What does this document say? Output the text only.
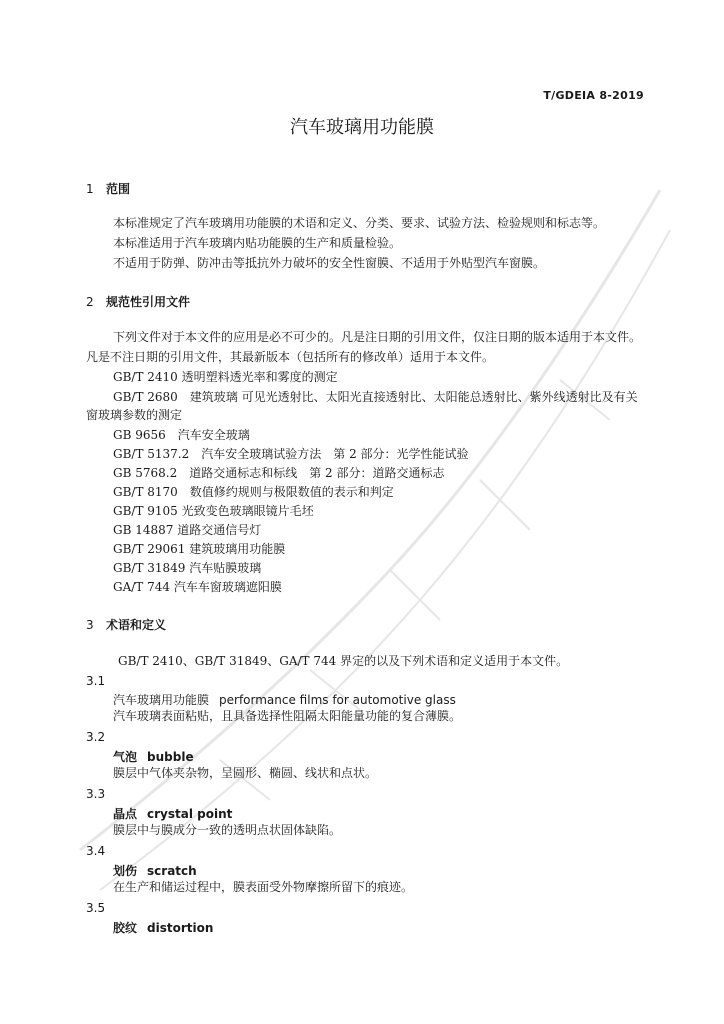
T/GDEIA 8-2019
汽车玻璃用功能膜
1 范围
本标准规定了汽车玻璃用功能膜的术语和定义、分类、要求、试验方法、检验规则和标志等。
本标准适用于汽车玻璃内贴功能膜的生产和质量检验。
不适用于防弹、防冲击等抵抗外力破坏的安全性窗膜、不适用于外贴型汽车窗膜。
2 规范性引用文件
下列文件对于本文件的应用是必不可少的。凡是注日期的引用文件，仅注日期的版本适用于本文件。
凡是不注日期的引用文件，其最新版本（包括所有的修改单）适用于本文件。
GB/T 2410 透明塑料透光率和雾度的测定
GB/T 2680　建筑玻璃 可见光透射比、太阳光直接透射比、太阳能总透射比、紫外线透射比及有关
窗玻璃参数的测定
GB 9656　汽车安全玻璃
GB/T 5137.2　汽车安全玻璃试验方法　第 2 部分：光学性能试验
GB 5768.2　道路交通标志和标线　第 2 部分：道路交通标志
GB/T 8170　数值修约规则与极限数值的表示和判定
GB/T 9105 光致变色玻璃眼镜片毛坯
GB 14887 道路交通信号灯
GB/T 29061 建筑玻璃用功能膜
GB/T 31849 汽车贴膜玻璃
GA/T 744 汽车车窗玻璃遮阳膜
3 术语和定义
GB/T 2410、GB/T 31849、GA/T 744 界定的以及下列术语和定义适用于本文件。
3.1
汽车玻璃用功能膜 performance films for automotive glass
汽车玻璃表面粘贴，且具备选择性阻隔太阳能量功能的复合薄膜。
3.2
气泡 bubble
膜层中气体夹杂物，呈圆形、椭圆、线状和点状。
3.3
晶点 crystal point
膜层中与膜成分一致的透明点状固体缺陷。
3.4
划伤 scratch
在生产和储运过程中，膜表面受外物摩擦所留下的痕迹。
3.5
胶纹 distortion
